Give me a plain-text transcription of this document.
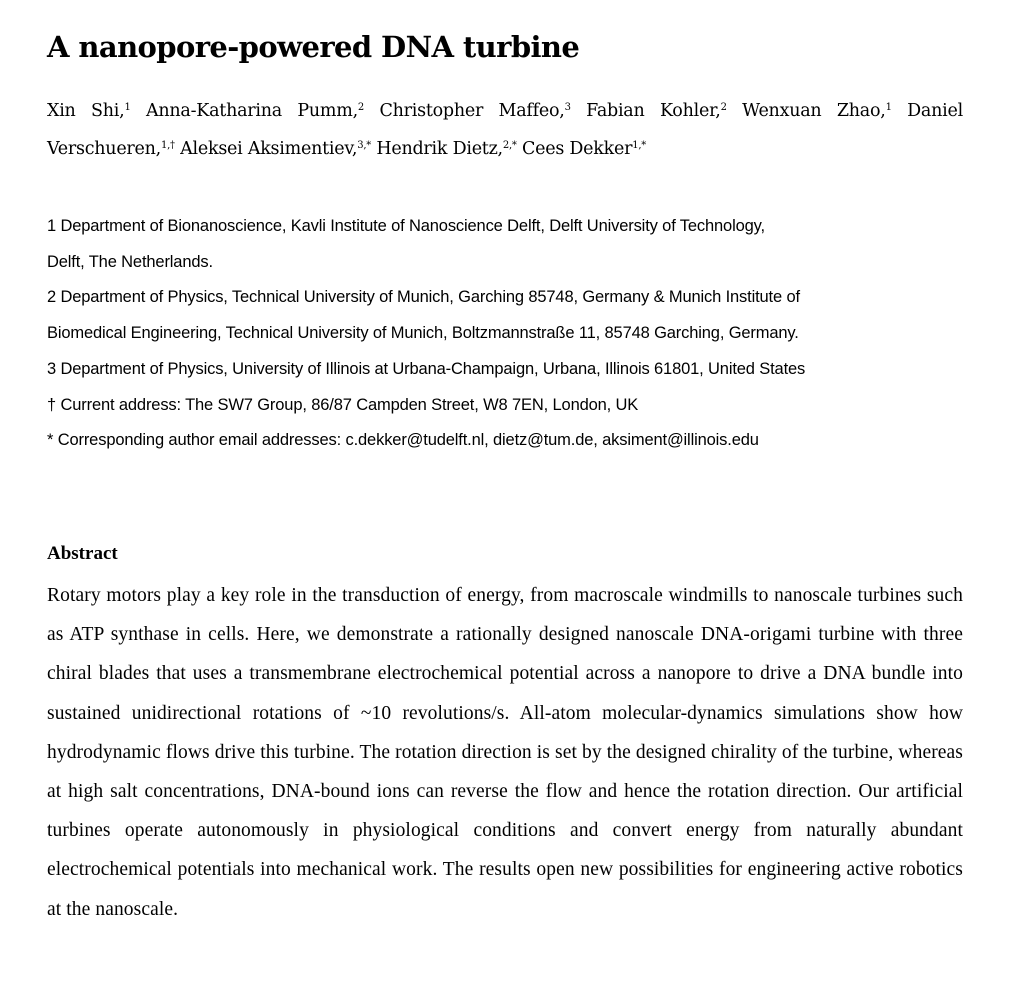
A nanopore-powered DNA turbine
Xin Shi,$^1$ Anna-Katharina Pumm,$^2$ Christopher Maffeo,$^3$ Fabian Kohler,$^2$ Wenxuan Zhao,$^1$ Daniel Verschueren,$^{1,\dagger}$ Aleksei Aksimentiev,$^{3,*}$ Hendrik Dietz,$^{2,*}$ Cees Dekker$^{1,*}$
1 Department of Bionanoscience, Kavli Institute of Nanoscience Delft, Delft University of Technology,
Delft, The Netherlands.
2 Department of Physics, Technical University of Munich, Garching 85748, Germany & Munich Institute of
Biomedical Engineering, Technical University of Munich, Boltzmannstraße 11, 85748 Garching, Germany.
3 Department of Physics, University of Illinois at Urbana-Champaign, Urbana, Illinois 61801, United States
† Current address: The SW7 Group, 86/87 Campden Street, W8 7EN, London, UK
* Corresponding author email addresses: c.dekker@tudelft.nl, dietz@tum.de, aksiment@illinois.edu
Abstract
Rotary motors play a key role in the transduction of energy, from macroscale windmills to nanoscale turbines such as ATP synthase in cells. Here, we demonstrate a rationally designed nanoscale DNA-origami turbine with three chiral blades that uses a transmembrane electrochemical potential across a nanopore to drive a DNA bundle into sustained unidirectional rotations of ~10 revolutions/s. All-atom molecular-dynamics simulations show how hydrodynamic flows drive this turbine. The rotation direction is set by the designed chirality of the turbine, whereas at high salt concentrations, DNA-bound ions can reverse the flow and hence the rotation direction. Our artificial turbines operate autonomously in physiological conditions and convert energy from naturally abundant electrochemical potentials into mechanical work. The results open new possibilities for engineering active robotics at the nanoscale.
